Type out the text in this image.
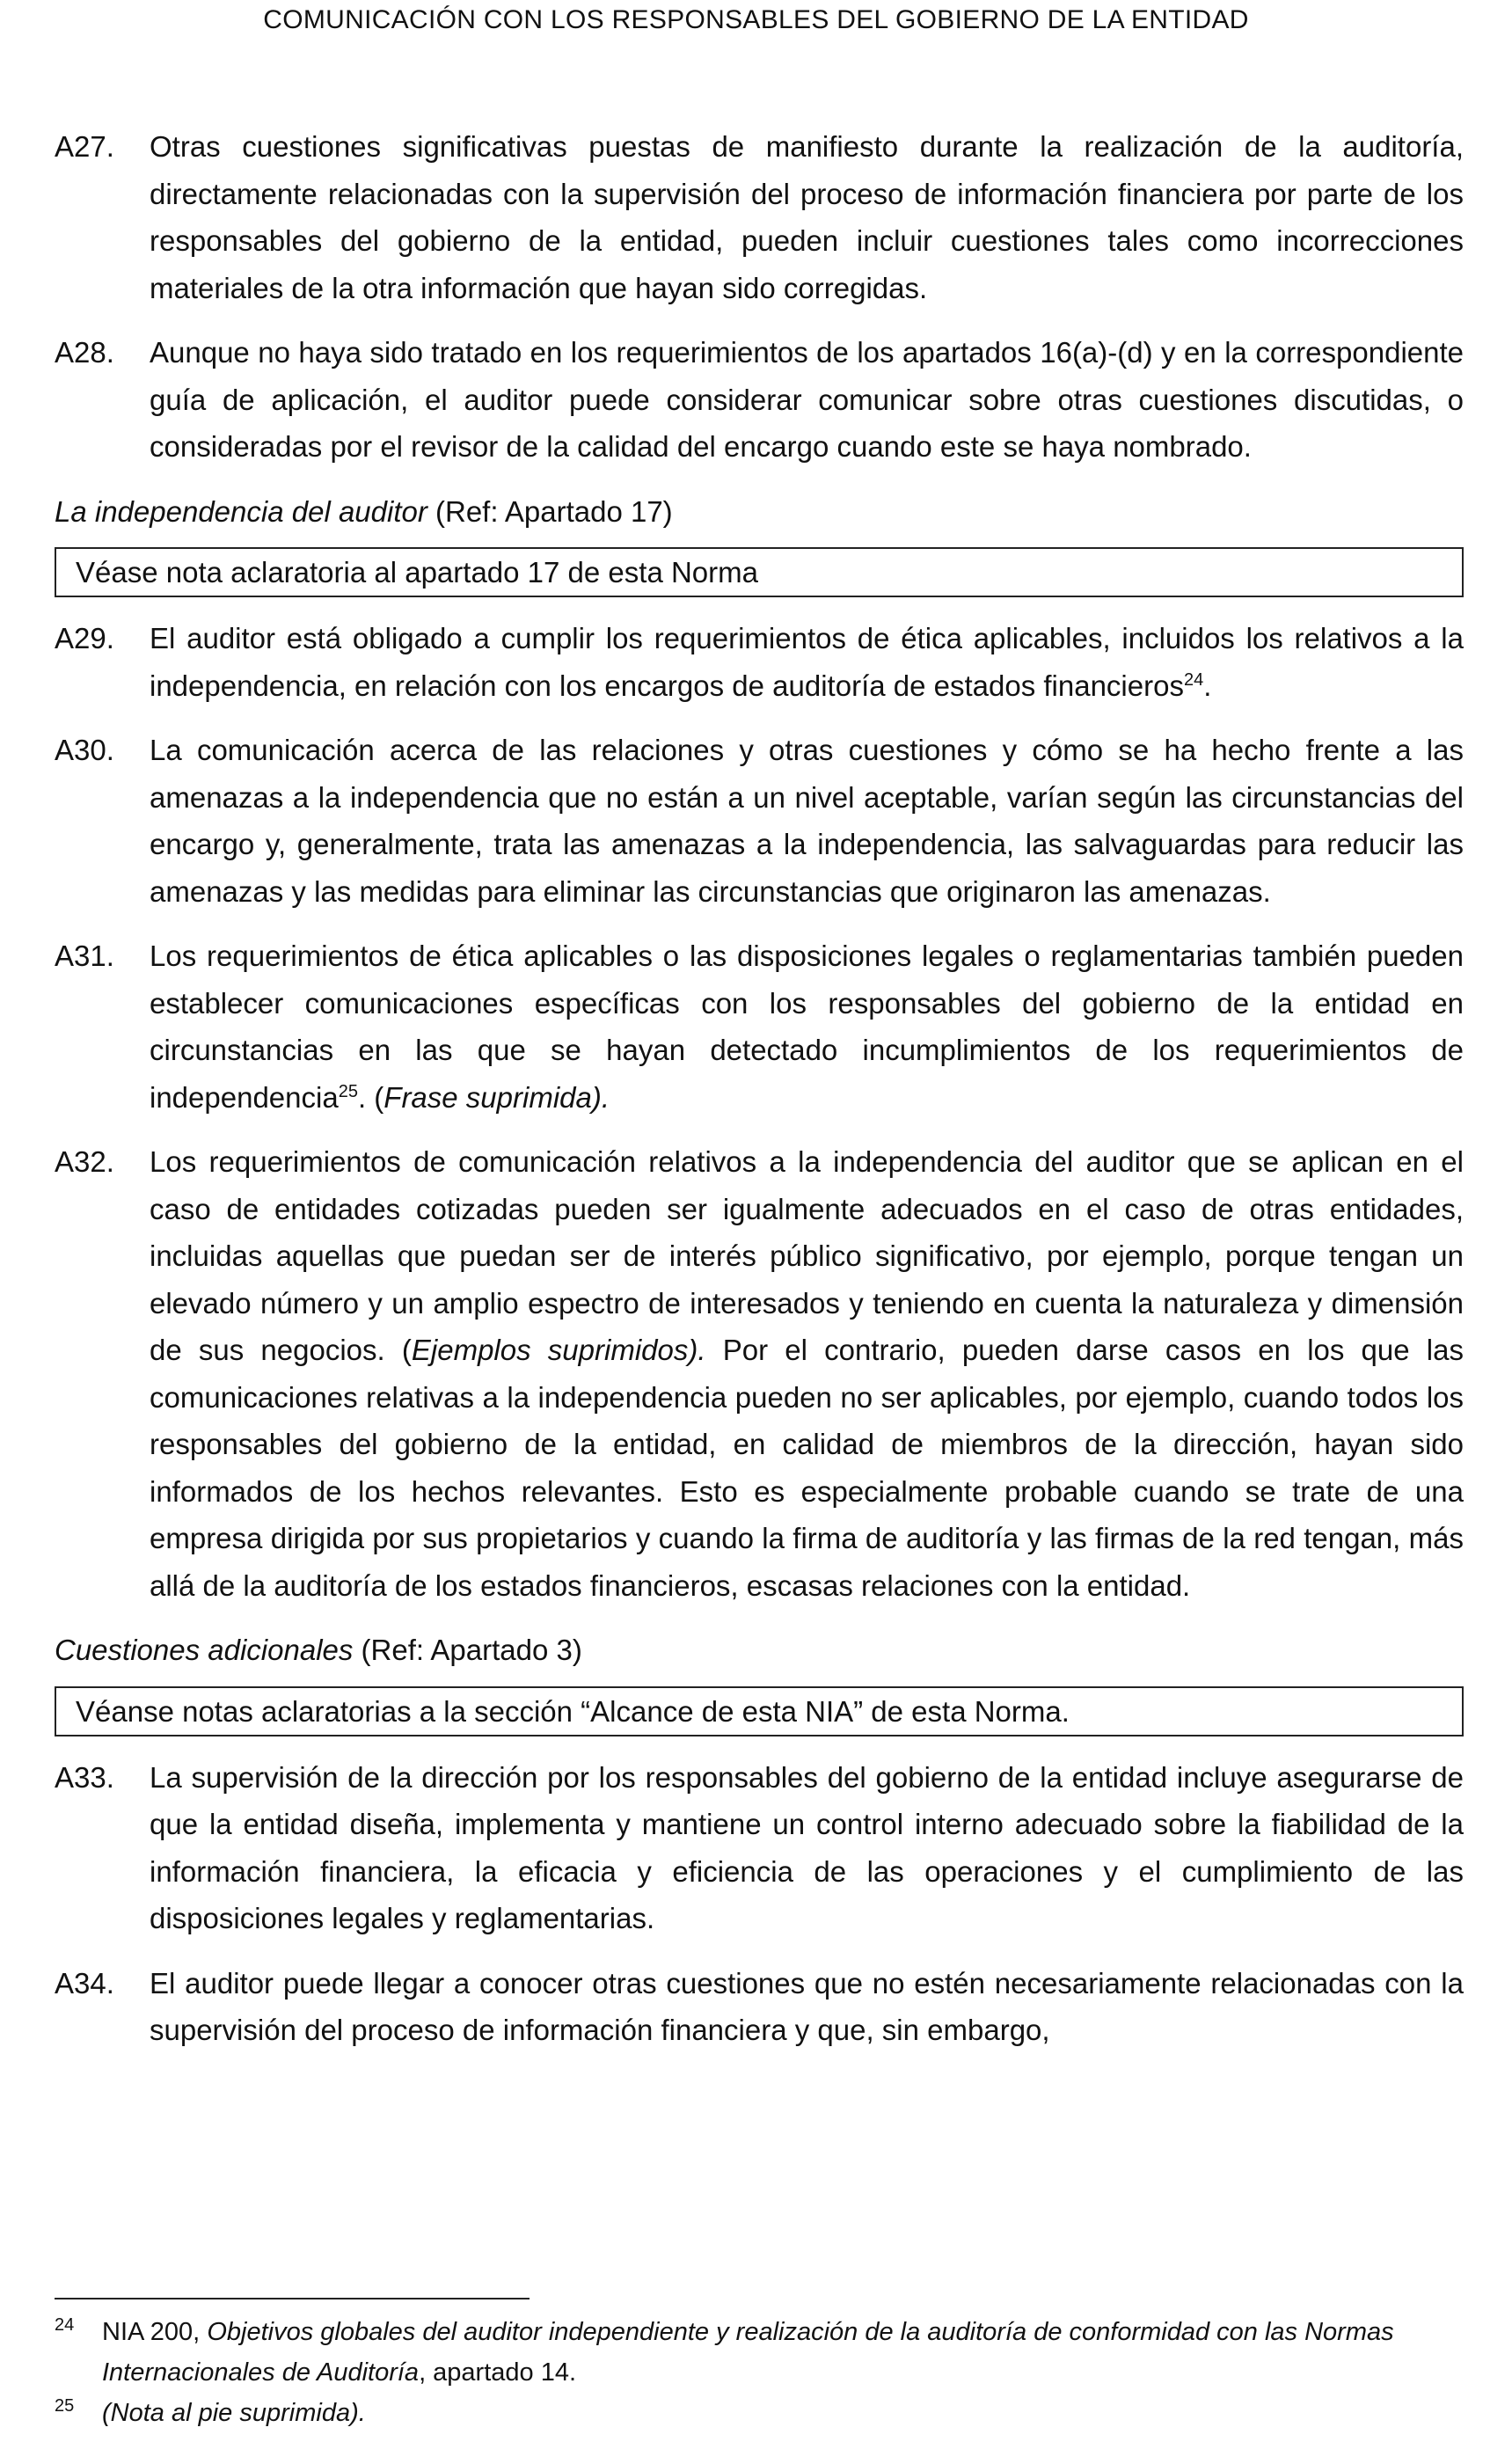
COMUNICACIÓN CON LOS RESPONSABLES DEL GOBIERNO DE LA ENTIDAD
A27.	Otras cuestiones significativas puestas de manifiesto durante la realización de la auditoría, directamente relacionadas con la supervisión del proceso de información financiera por parte de los responsables del gobierno de la entidad, pueden incluir cuestiones tales como incorrecciones materiales de la otra información que hayan sido corregidas.
A28.	Aunque no haya sido tratado en los requerimientos de los apartados 16(a)-(d) y en la correspondiente guía de aplicación, el auditor puede considerar comunicar sobre otras cuestiones discutidas, o consideradas por el revisor de la calidad del encargo cuando este se haya nombrado.
La independencia del auditor (Ref: Apartado 17)
Véase nota aclaratoria al apartado 17 de esta Norma
A29.	El auditor está obligado a cumplir los requerimientos de ética aplicables, incluidos los relativos a la independencia, en relación con los encargos de auditoría de estados financieros$^{24}$.
A30.	La comunicación acerca de las relaciones y otras cuestiones y cómo se ha hecho frente a las amenazas a la independencia que no están a un nivel aceptable, varían según las circunstancias del encargo y, generalmente, trata las amenazas a la independencia, las salvaguardas para reducir las amenazas y las medidas para eliminar las circunstancias que originaron las amenazas.
A31.	Los requerimientos de ética aplicables o las disposiciones legales o reglamentarias también pueden establecer comunicaciones específicas con los responsables del gobierno de la entidad en circunstancias en las que se hayan detectado incumplimientos de los requerimientos de independencia$^{25}$. (Frase suprimida).
A32.	Los requerimientos de comunicación relativos a la independencia del auditor que se aplican en el caso de entidades cotizadas pueden ser igualmente adecuados en el caso de otras entidades, incluidas aquellas que puedan ser de interés público significativo, por ejemplo, porque tengan un elevado número y un amplio espectro de interesados y teniendo en cuenta la naturaleza y dimensión de sus negocios. (Ejemplos suprimidos). Por el contrario, pueden darse casos en los que las comunicaciones relativas a la independencia pueden no ser aplicables, por ejemplo, cuando todos los responsables del gobierno de la entidad, en calidad de miembros de la dirección, hayan sido informados de los hechos relevantes. Esto es especialmente probable cuando se trate de una empresa dirigida por sus propietarios y cuando la firma de auditoría y las firmas de la red tengan, más allá de la auditoría de los estados financieros, escasas relaciones con la entidad.
Cuestiones adicionales (Ref: Apartado 3)
Véanse notas aclaratorias a la sección “Alcance de esta NIA” de esta Norma.
A33.	La supervisión de la dirección por los responsables del gobierno de la entidad incluye asegurarse de que la entidad diseña, implementa y mantiene un control interno adecuado sobre la fiabilidad de la información financiera, la eficacia y eficiencia de las operaciones y el cumplimiento de las disposiciones legales y reglamentarias.
A34.	El auditor puede llegar a conocer otras cuestiones que no estén necesariamente relacionadas con la supervisión del proceso de información financiera y que, sin embargo,
24	NIA 200, Objetivos globales del auditor independiente y realización de la auditoría de conformidad con las Normas Internacionales de Auditoría, apartado 14.
25	(Nota al pie suprimida).
